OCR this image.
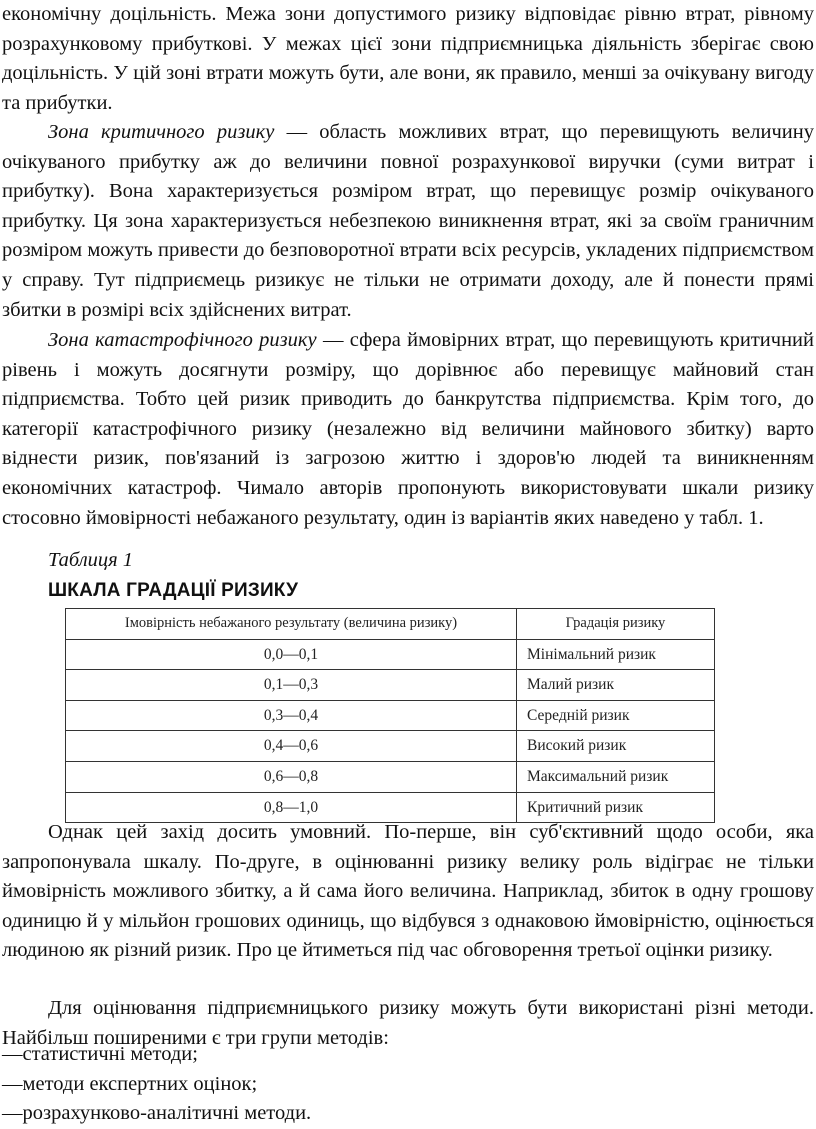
економічну доцільність. Межа зони допустимого ризику відповідає рівню втрат, рівному розрахунковому прибуткові. У межах цієї зони підприємницька діяльність зберігає свою доцільність. У цій зоні втрати можуть бути, але вони, як правило, менші за очікувану вигоду та прибутки.

Зона критичного ризику — область можливих втрат, що перевищують величину очікуваного прибутку аж до величини повної розрахункової виручки (суми витрат і прибутку). Вона характеризується розміром втрат, що перевищує розмір очікуваного прибутку. Ця зона характеризується небезпекою виникнення втрат, які за своїм граничним розміром можуть привести до безповоротної втрати всіх ресурсів, укладених підприємством у справу. Тут підприємець ризикує не тільки не отримати доходу, але й понести прямі збитки в розмірі всіх здійснених витрат.

Зона катастрофічного ризику — сфера ймовірних втрат, що перевищують критичний рівень і можуть досягнути розміру, що дорівнює або перевищує майновий стан підприємства. Тобто цей ризик приводить до банкрутства підприємства. Крім того, до категорії катастрофічного ризику (незалежно від величини майнового збитку) варто віднести ризик, пов'язаний із загрозою життю і здоров'ю людей та виникненням економічних катастроф. Чимало авторів пропонують використовувати шкали ризику стосовно ймовірності небажаного результату, один із варіантів яких наведено у табл. 1.

Таблиця 1

ШКАЛА ГРАДАЦІЇ РИЗИКУ

Імовірність небажаного результату (величина ризику)	Градація ризику
0,0—0,1	Мінімальний ризик
0,1—0,3	Малий ризик
0,3—0,4	Середній ризик
0,4—0,6	Високий ризик
0,6—0,8	Максимальний ризик
0,8—1,0	Критичний ризик

Однак цей захід досить умовний. По-перше, він суб'єктивний щодо особи, яка запропонувала шкалу. По-друге, в оцінюванні ризику велику роль відіграє не тільки ймовірність можливого збитку, а й сама його величина. Наприклад, збиток в одну грошову одиницю й у мільйон грошових одиниць, що відбувся з однаковою ймовірністю, оцінюється людиною як різний ризик. Про це йтиметься під час обговорення третьої оцінки ризику.

Для оцінювання підприємницького ризику можуть бути використані різні методи. Найбільш поширеними є три групи методів:

—статистичні методи;
—методи експертних оцінок;
—розрахунково-аналітичні методи.
